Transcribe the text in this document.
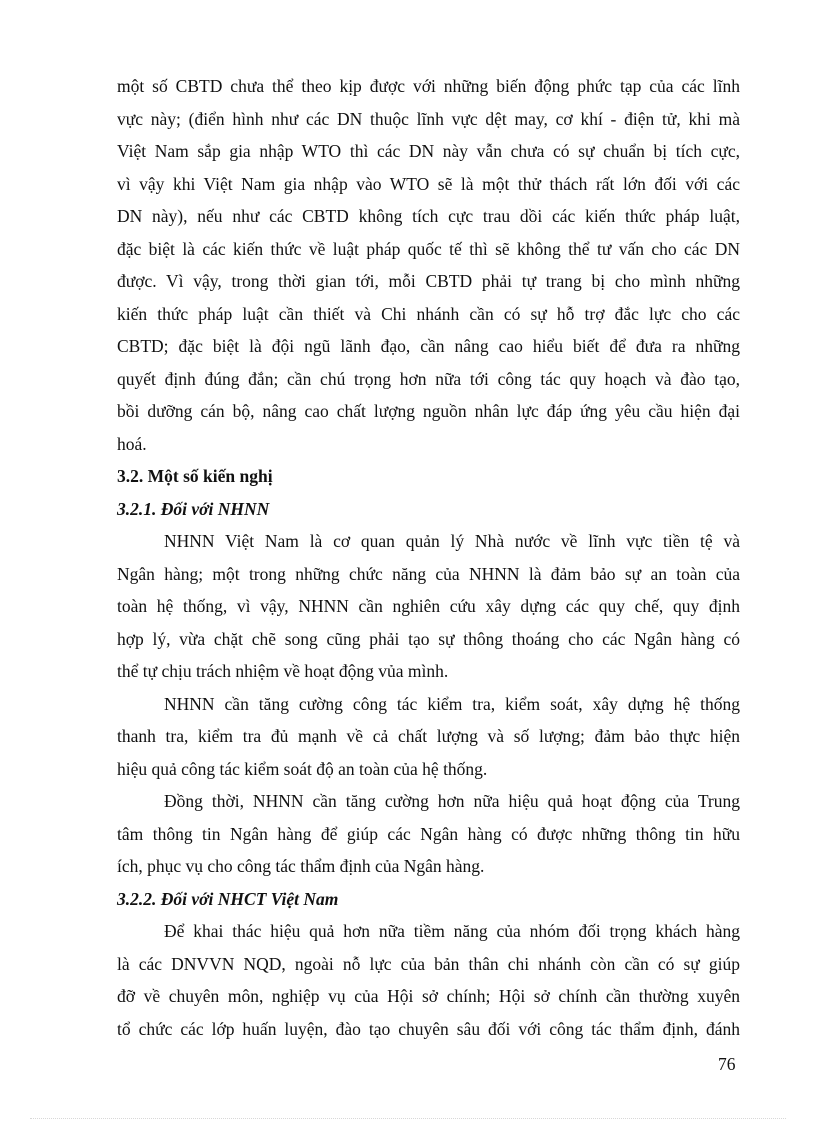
một số CBTD chưa thể theo kịp được với những biến động phức tạp của các lĩnh
vực này; (điển hình như các DN thuộc lĩnh vực dệt may, cơ khí - điện tử, khi mà
Việt Nam sắp gia nhập WTO thì các DN này vẫn chưa có sự chuẩn bị tích cực,
vì vậy khi Việt Nam gia nhập vào WTO sẽ là một thử thách rất lớn đối với các
DN này), nếu như các CBTD không tích cực trau dồi các kiến thức pháp luật,
đặc biệt là các kiến thức về luật pháp quốc tế thì sẽ không thể tư vấn cho các DN
được. Vì vậy, trong thời gian tới, mỗi CBTD phải tự trang bị cho mình những
kiến thức pháp luật cần thiết và Chi nhánh cần có sự hỗ trợ đắc lực cho các
CBTD; đặc biệt là đội ngũ lãnh đạo, cần nâng cao hiểu biết để đưa ra những
quyết định đúng đắn; cần chú trọng hơn nữa tới công tác quy hoạch và đào tạo,
bồi dưỡng cán bộ, nâng cao chất lượng nguồn nhân lực đáp ứng yêu cầu hiện đại
hoá.
3.2. Một số kiến nghị
3.2.1. Đối với NHNN
NHNN Việt Nam là cơ quan quản lý Nhà nước về lĩnh vực tiền tệ và
Ngân hàng; một trong những chức năng của NHNN là đảm bảo sự an toàn của
toàn hệ thống, vì vậy, NHNN cần nghiên cứu xây dựng các quy chế, quy định
hợp lý, vừa chặt chẽ song cũng phải tạo sự thông thoáng cho các Ngân hàng có
thể tự chịu trách nhiệm về hoạt động vủa mình.
NHNN cần tăng cường công tác kiểm tra, kiểm soát, xây dựng hệ thống
thanh tra, kiểm tra đủ mạnh về cả chất lượng và số lượng; đảm bảo thực hiện
hiệu quả công tác kiểm soát độ an toàn của hệ thống.
Đồng thời, NHNN cần tăng cường hơn nữa hiệu quả hoạt động của Trung
tâm thông tin Ngân hàng để giúp các Ngân hàng có được những thông tin hữu
ích, phục vụ cho công tác thẩm định của Ngân hàng.
3.2.2. Đối với NHCT Việt Nam
Để khai thác hiệu quả hơn nữa tiềm năng của nhóm đối trọng khách hàng
là các DNVVN NQD, ngoài nỗ lực của bản thân chi nhánh còn cần có sự giúp
đỡ về chuyên môn, nghiệp vụ của Hội sở chính; Hội sở chính cần thường xuyên
tổ chức các lớp huấn luyện, đào tạo chuyên sâu đối với công tác thẩm định, đánh
76
